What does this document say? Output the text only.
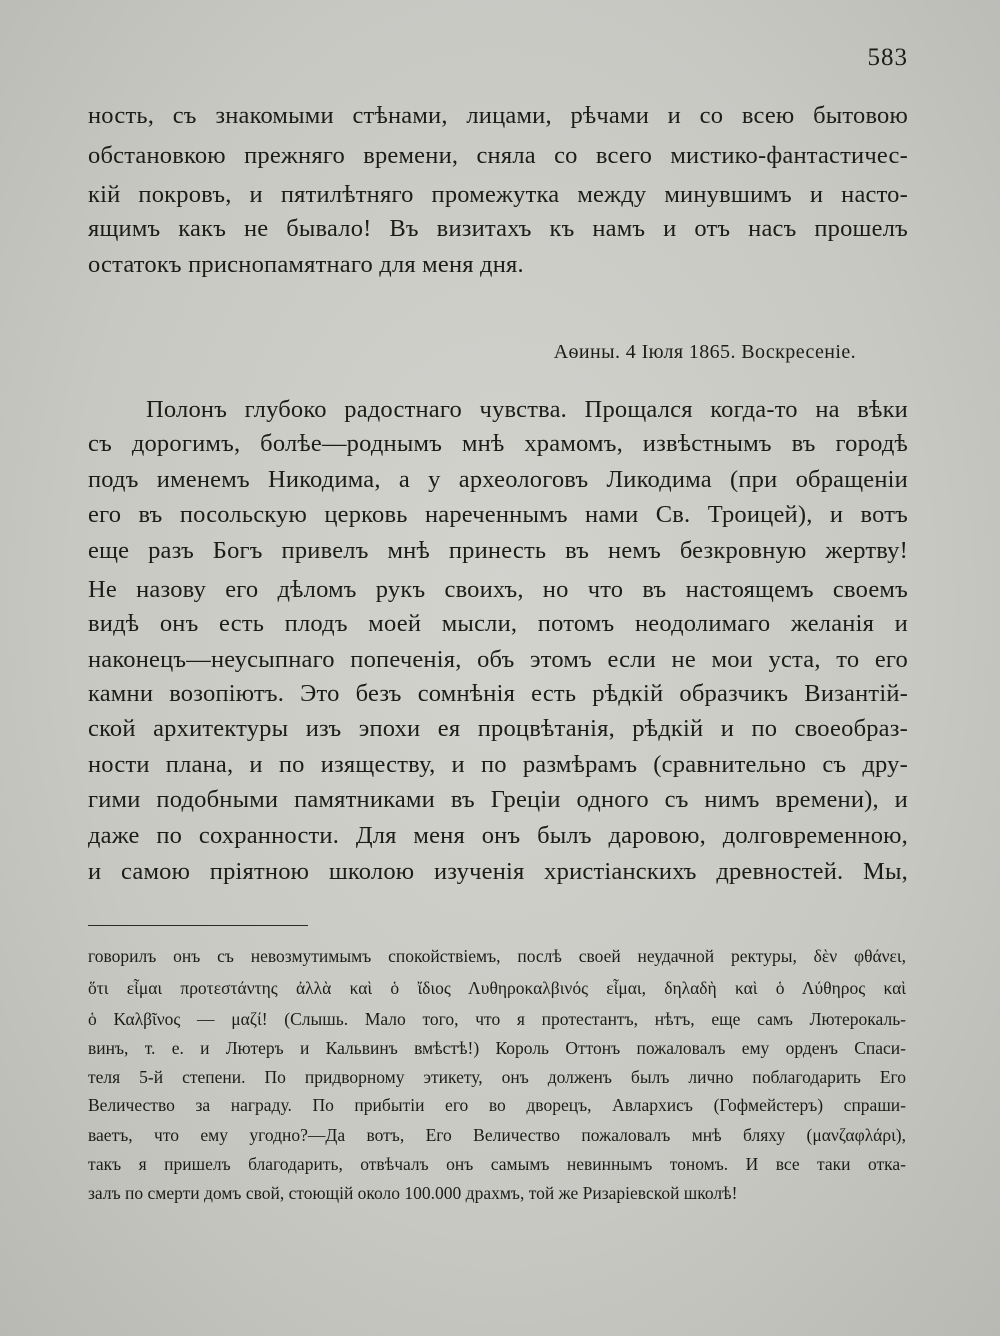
583
ность, съ знакомыми стѣнами, лицами, рѣчами и со всею бытовою
обстановкою прежняго времени, сняла со всего мистико-фантастичес-
кій покровъ, и пятилѣтняго промежутка между минувшимъ и насто-
ящимъ какъ не бывало! Въ визитахъ къ намъ и отъ насъ прошелъ
остатокъ приснопамятнаго для меня дня.
Аѳины. 4 Іюля 1865. Воскресеніе.
Полонъ глубоко радостнаго чувства. Прощался когда-то на вѣки
съ дорогимъ, болѣе—роднымъ мнѣ храмомъ, извѣстнымъ въ городѣ
подъ именемъ Никодима, а у археологовъ Ликодима (при обращеніи
его въ посольскую церковь нареченнымъ нами Св. Троицей), и вотъ
еще разъ Богъ привелъ мнѣ принесть въ немъ безкровную жертву!
Не назову его дѣломъ рукъ своихъ, но что въ настоящемъ своемъ
видѣ онъ есть плодъ моей мысли, потомъ неодолимаго желанія и
наконецъ—неусыпнаго попеченія, объ этомъ если не мои уста, то его
камни возопіютъ. Это безъ сомнѣнія есть рѣдкій образчикъ Византій-
ской архитектуры изъ эпохи ея процвѣтанія, рѣдкій и по своеобраз-
ности плана, и по изяществу, и по размѣрамъ (сравнительно съ дру-
гими подобными памятниками въ Греціи одного съ нимъ времени), и
даже по сохранности. Для меня онъ былъ даровою, долговременною,
и самою пріятною школою изученія христіанскихъ древностей. Мы,
говорилъ онъ съ невозмутимымъ спокойствіемъ, послѣ своей неудачной ректуры, δὲν φθάνει,
ὅτι εἶμαι προτεστάντης ἀλλὰ καὶ ὁ ἴδιος Λυθηροκαλβινός εἶμαι, δηλαδὴ καὶ ὁ Λύθηρος καὶ
ὁ Καλβῖνος — μαζί! (Слышь. Мало того, что я протестантъ, нѣтъ, еще самъ Лютерокаль-
винъ, т. е. и Лютеръ и Кальвинъ вмѣстѣ!) Король Оттонъ пожаловалъ ему орденъ Спаси-
теля 5-й степени. По придворному этикету, онъ долженъ былъ лично поблагодарить Его
Величество за награду. По прибытіи его во дворецъ, Авлархисъ (Гофмейстеръ) спраши-
ваетъ, что ему угодно?—Да вотъ, Его Величество пожаловалъ мнѣ бляху (μανζαφλάρι),
такъ я пришелъ благодарить, отвѣчалъ онъ самымъ невиннымъ тономъ. И все таки отка-
залъ по смерти домъ свой, стоющій около 100.000 драхмъ, той же Ризаріевской школѣ!
